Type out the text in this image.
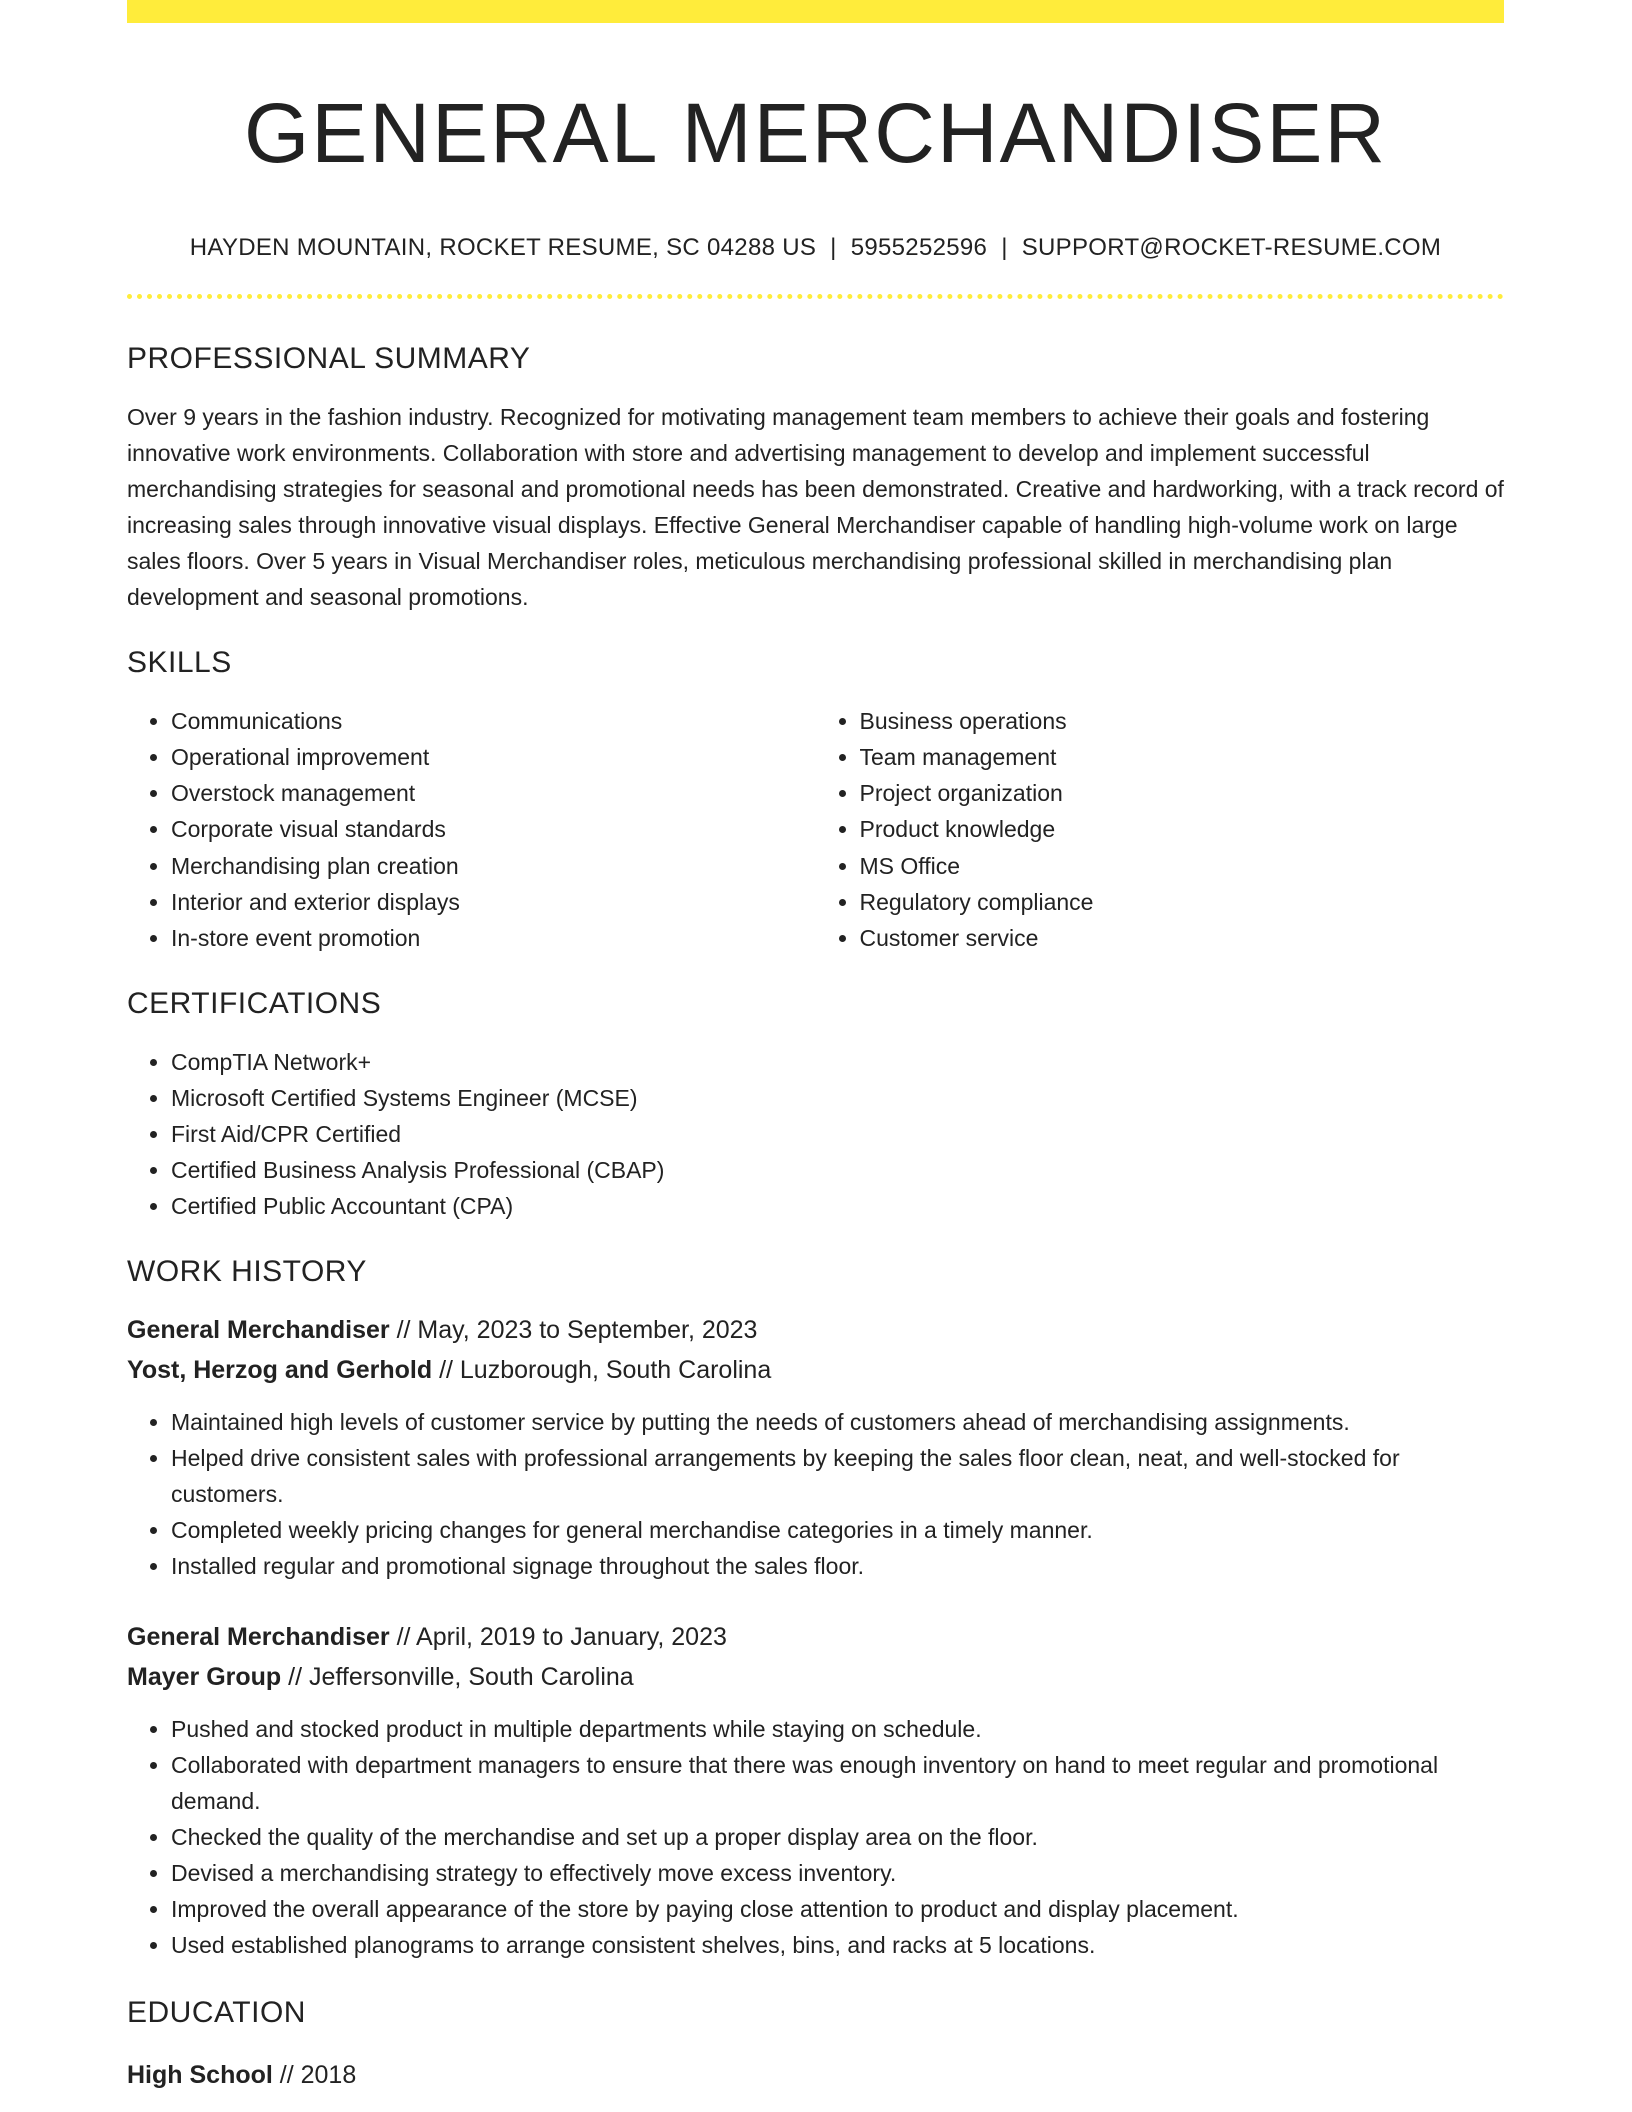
GENERAL MERCHANDISER
HAYDEN MOUNTAIN, ROCKET RESUME, SC 04288 US | 5955252596 | SUPPORT@ROCKET-RESUME.COM
PROFESSIONAL SUMMARY

Over 9 years in the fashion industry. Recognized for motivating management team members to achieve their goals and fostering innovative work environments. Collaboration with store and advertising management to develop and implement successful merchandising strategies for seasonal and promotional needs has been demonstrated. Creative and hardworking, with a track record of increasing sales through innovative visual displays. Effective General Merchandiser capable of handling high-volume work on large sales floors. Over 5 years in Visual Merchandiser roles, meticulous merchandising professional skilled in merchandising plan development and seasonal promotions.

SKILLS
• Communications
• Operational improvement
• Overstock management
• Corporate visual standards
• Merchandising plan creation
• Interior and exterior displays
• In-store event promotion
• Business operations
• Team management
• Project organization
• Product knowledge
• MS Office
• Regulatory compliance
• Customer service
CERTIFICATIONS
• CompTIA Network+
• Microsoft Certified Systems Engineer (MCSE)
• First Aid/CPR Certified
• Certified Business Analysis Professional (CBAP)
• Certified Public Accountant (CPA)
WORK HISTORY
General Merchandiser // May, 2023 to September, 2023
Yost, Herzog and Gerhold // Luzborough, South Carolina
• Maintained high levels of customer service by putting the needs of customers ahead of merchandising assignments.
• Helped drive consistent sales with professional arrangements by keeping the sales floor clean, neat, and well-stocked for customers.
• Completed weekly pricing changes for general merchandise categories in a timely manner.
• Installed regular and promotional signage throughout the sales floor.
General Merchandiser // April, 2019 to January, 2023
Mayer Group // Jeffersonville, South Carolina
• Pushed and stocked product in multiple departments while staying on schedule.
• Collaborated with department managers to ensure that there was enough inventory on hand to meet regular and promotional demand.
• Checked the quality of the merchandise and set up a proper display area on the floor.
• Devised a merchandising strategy to effectively move excess inventory.
• Improved the overall appearance of the store by paying close attention to product and display placement.
• Used established planograms to arrange consistent shelves, bins, and racks at 5 locations.
EDUCATION
High School // 2018
